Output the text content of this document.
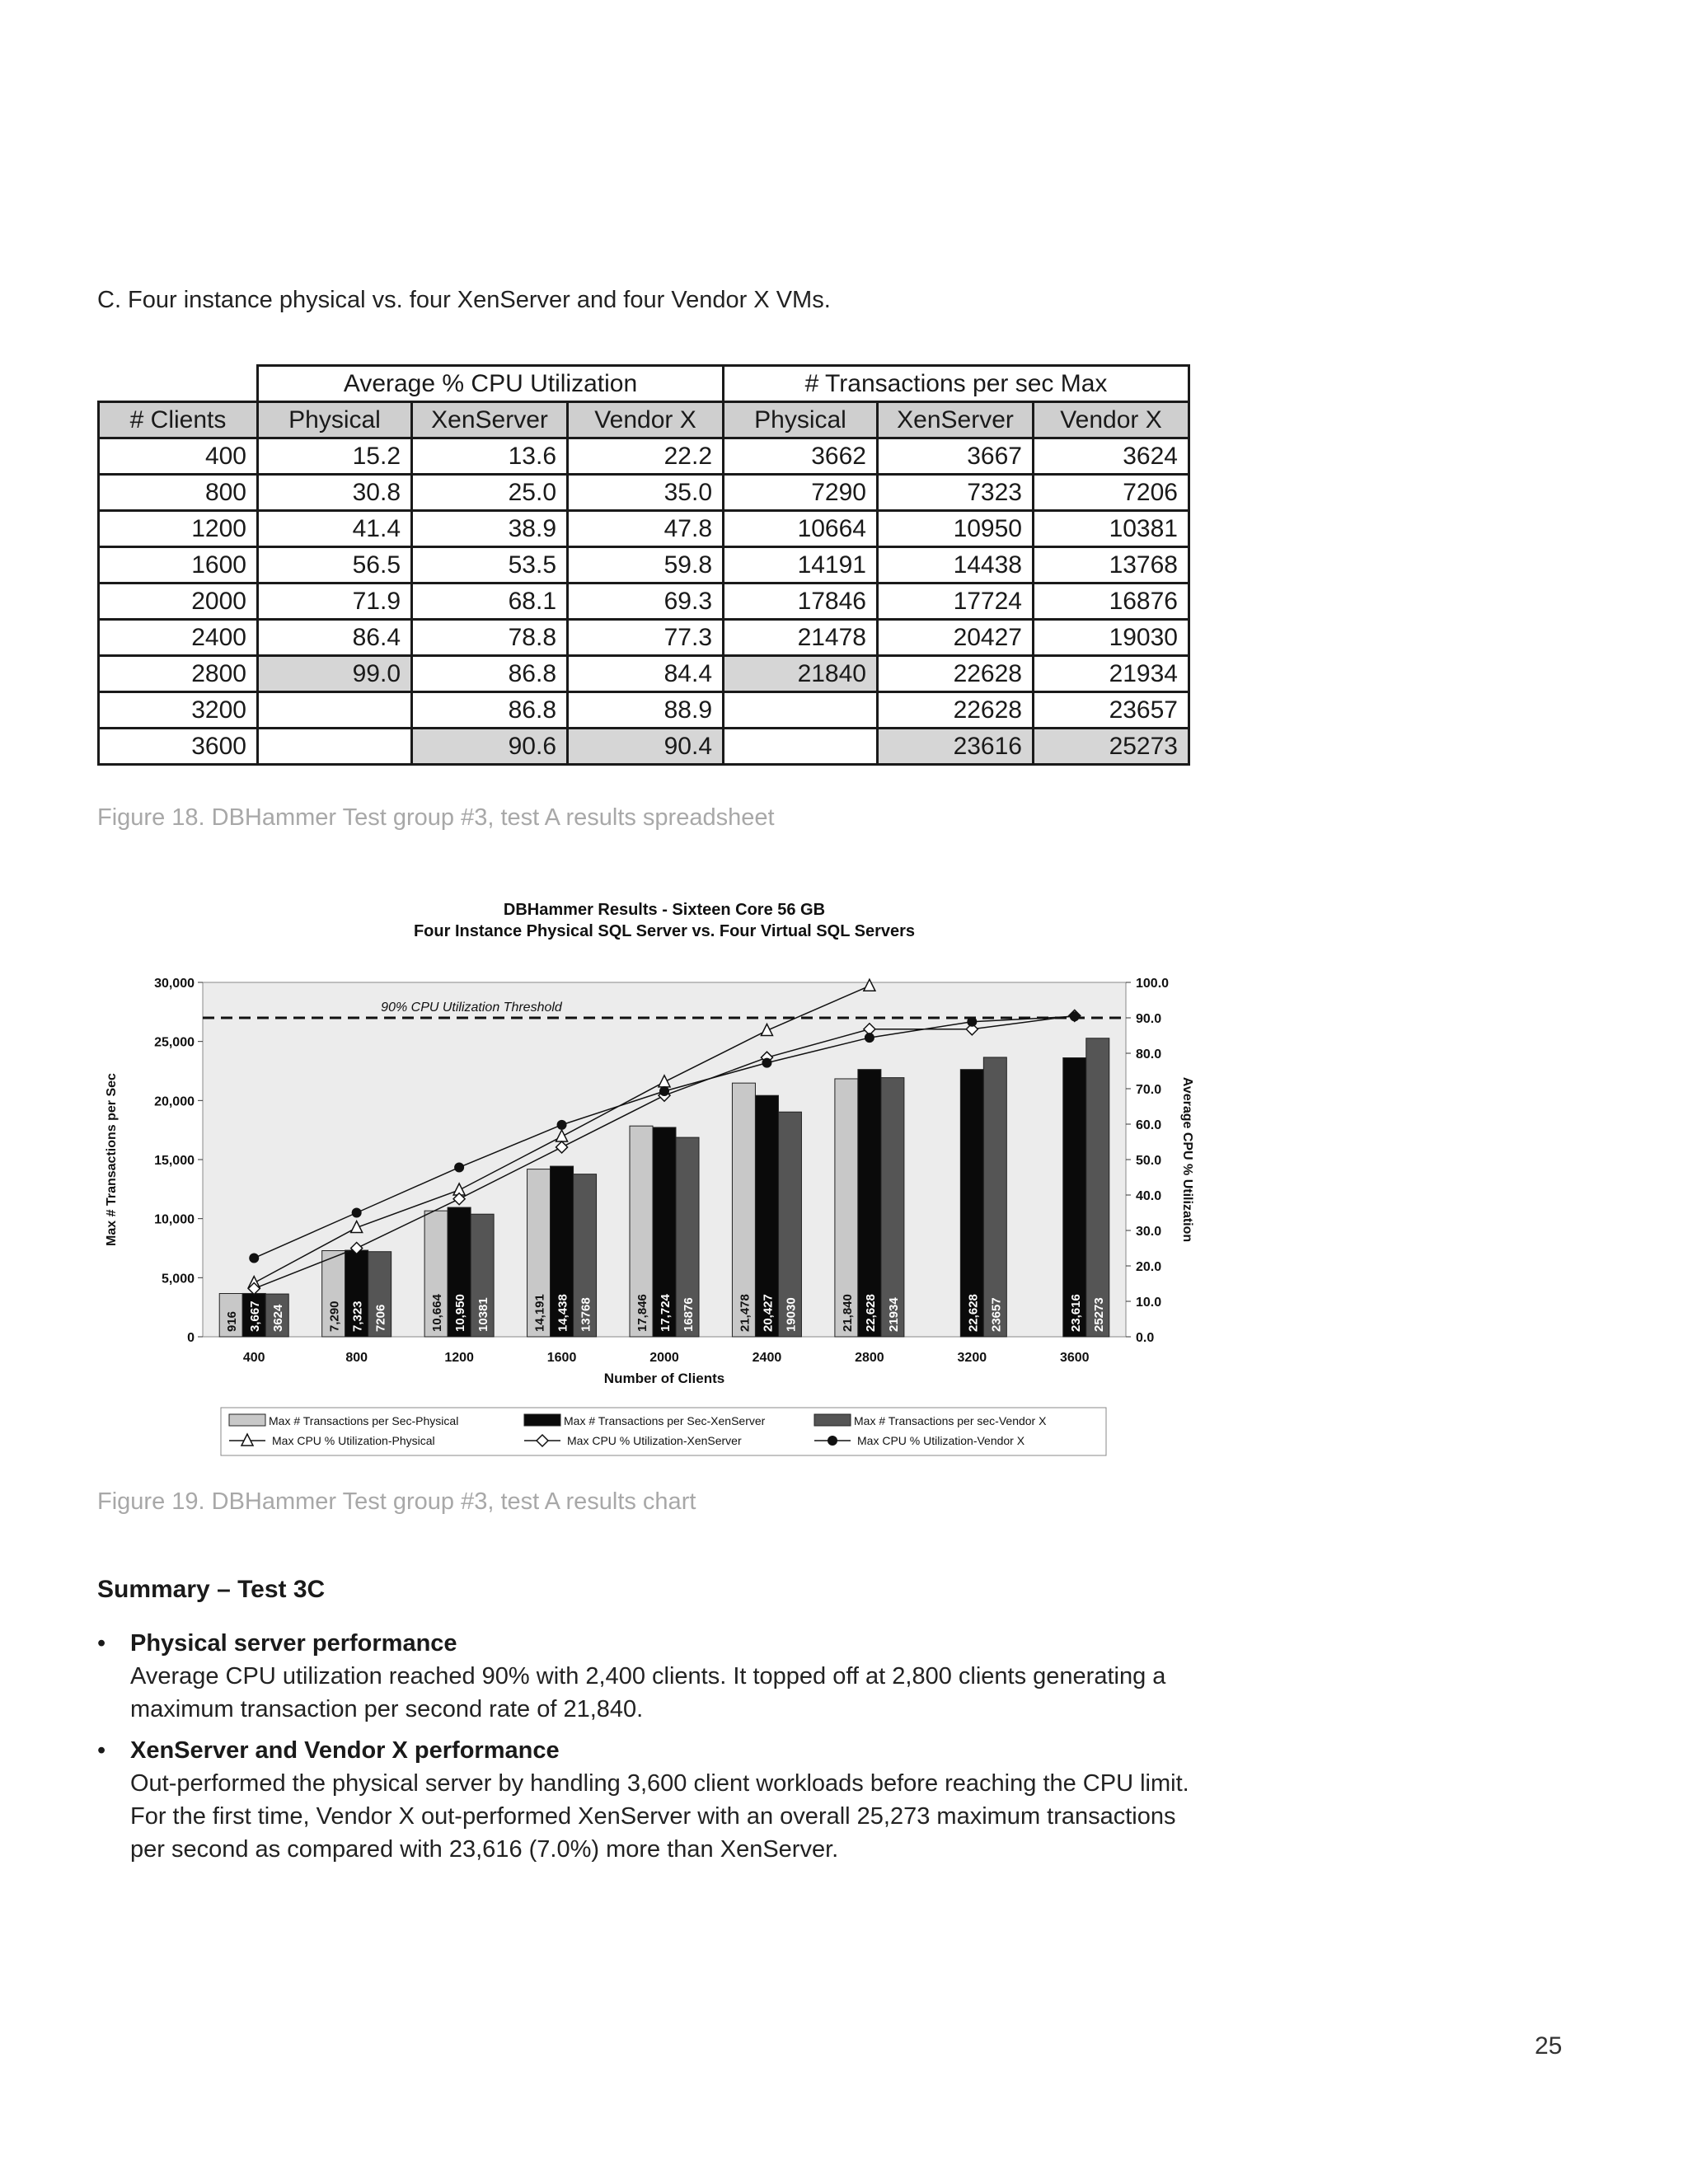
C. Four instance physical vs. four XenServer and four Vendor X VMs.
	Average % CPU Utilization			# Transactions per sec Max		
# Clients	Physical	XenServer	Vendor X	Physical	XenServer	Vendor X
400	15.2	13.6	22.2	3662	3667	3624
800	30.8	25.0	35.0	7290	7323	7206
1200	41.4	38.9	47.8	10664	10950	10381
1600	56.5	53.5	59.8	14191	14438	13768
2000	71.9	68.1	69.3	17846	17724	16876
2400	86.4	78.8	77.3	21478	20427	19030
2800	99.0	86.8	84.4	21840	22628	21934
3200		86.8	88.9		22628	23657
3600		90.6	90.4		23616	25273
Figure 18. DBHammer Test group #3, test A results spreadsheet
DBHammer Results - Sixteen Core 56 GB
Four Instance Physical SQL Server vs. Four Virtual SQL Servers
0
5,000
10,000
15,000
20,000
25,000
30,000
0.0
10.0
20.0
30.0
40.0
50.0
60.0
70.0
80.0
90.0
100.0
Max # Transactions per Sec	Average CPU % Utilization
Number of Clients
400	800	1200	1600	2000	2400	2800	3200	3600
916	7,290	10,664	14,191	17,846	21,478	21,840
3,667	7,323	10,950	14,438	17,724	20,427	22,628	22,628	23,616
3624	7206	10381	13768	16876	19030	21934	23657	25273
90% CPU Utilization Threshold
Max # Transactions per Sec-Physical	Max # Transactions per Sec-XenServer	Max # Transactions per sec-Vendor X
Max CPU % Utilization-Physical	Max CPU % Utilization-XenServer	Max CPU % Utilization-Vendor X
Figure 19. DBHammer Test group #3, test A results chart
Summary – Test 3C
• Physical server performance
Average CPU utilization reached 90% with 2,400 clients. It topped off at 2,800 clients generating a maximum transaction per second rate of 21,840.
• XenServer and Vendor X performance
Out-performed the physical server by handling 3,600 client workloads before reaching the CPU limit. For the first time, Vendor X out-performed XenServer with an overall 25,273 maximum transactions per second as compared with 23,616 (7.0%) more than XenServer.
25
